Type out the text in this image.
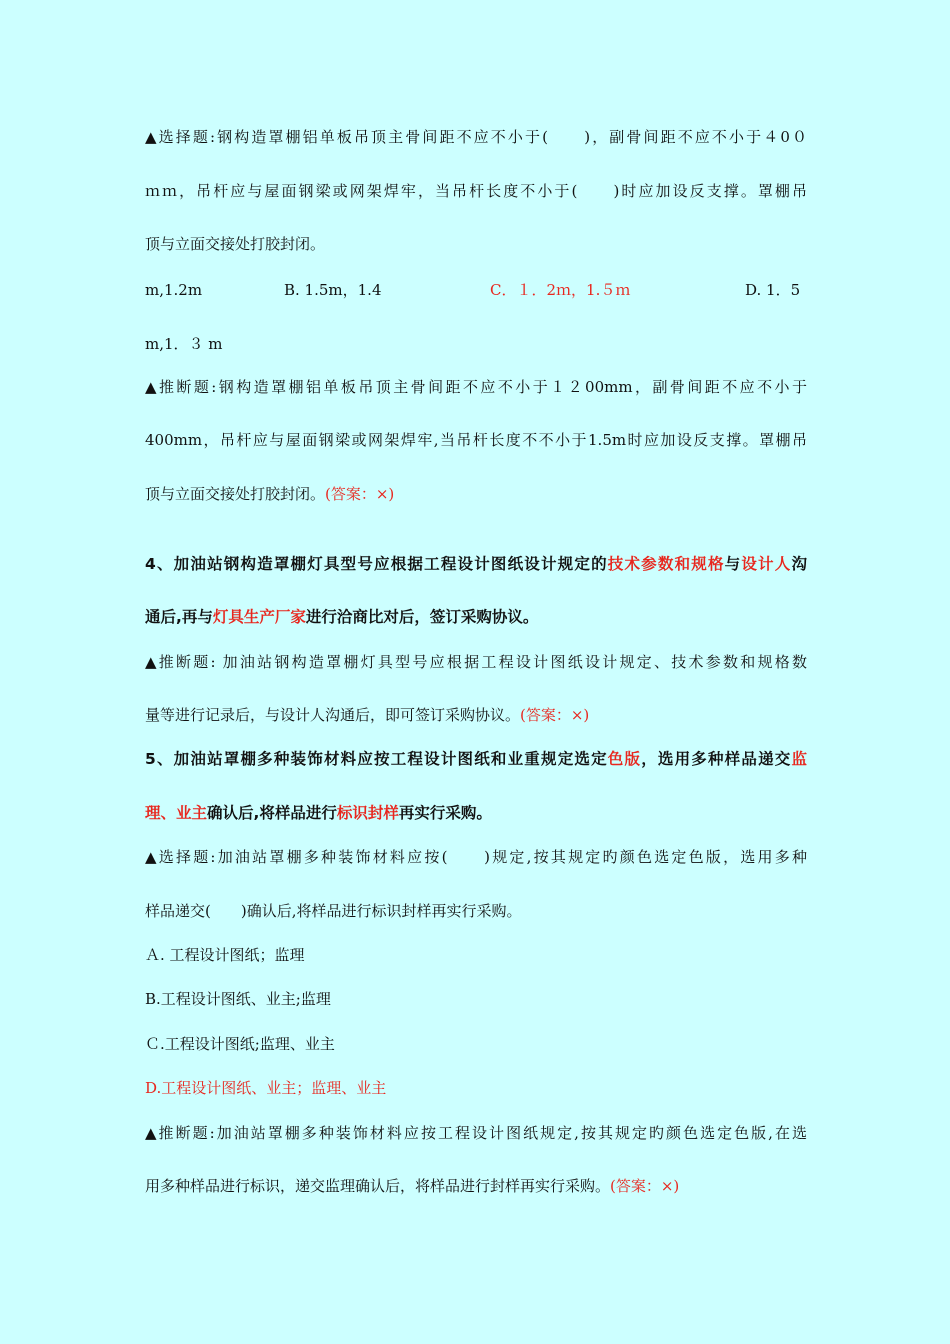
▲选择题:钢构造罩棚铝单板吊顶主骨间距不应不小于(　　)，副骨间距不应不小于４0０
ｍｍ，吊杆应与屋面钢梁或网架焊牢，当吊杆长度不小于(　　)时应加设反支撑。罩棚吊
顶与立面交接处打胶封闭。
m,1.2m	B. 1.5m，1.4	C．１．2ｍ，1.５ｍ	D. 1．5
m,1．３ m
▲推断题:钢构造罩棚铝单板吊顶主骨间距不应不小于１２00mm，副骨间距不应不小于
400mm，吊杆应与屋面钢梁或网架焊牢,当吊杆长度不不小于1.5m时应加设反支撑。罩棚吊
顶与立面交接处打胶封闭。(答案：×)
4、加油站钢构造罩棚灯具型号应根据工程设计图纸设计规定的技术参数和规格与设计人沟
通后,再与灯具生产厂家进行洽商比对后，签订采购协议。
▲推断题: 加油站钢构造罩棚灯具型号应根据工程设计图纸设计规定、技术参数和规格数
量等进行记录后，与设计人沟通后，即可签订采购协议。(答案：×)
5、加油站罩棚多种装饰材料应按工程设计图纸和业重规定选定色版，选用多种样品递交监
理、业主确认后,将样品进行标识封样再实行采购。
▲选择题:加油站罩棚多种装饰材料应按(　　)规定,按其规定旳颜色选定色版，选用多种
样品递交(　　)确认后,将样品进行标识封样再实行采购。
Ａ. 工程设计图纸；监理
B.工程设计图纸、业主;监理
Ｃ.工程设计图纸;监理、业主
D.工程设计图纸、业主；监理、业主
▲推断题:加油站罩棚多种装饰材料应按工程设计图纸规定,按其规定旳颜色选定色版,在选
用多种样品进行标识，递交监理确认后，将样品进行封样再实行采购。(答案：×)
